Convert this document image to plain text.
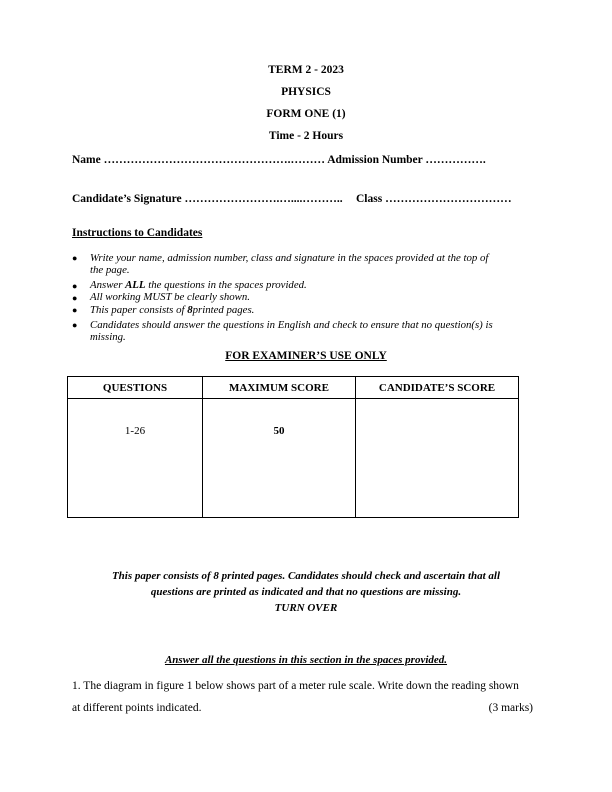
TERM 2 - 2023
PHYSICS
FORM ONE (1)
Time - 2 Hours
Name ………………………………………….……… Admission Number …………….
Candidate’s Signature …………………….…....……….. Class ……………………………
Instructions to Candidates
● Write your name, admission number, class and signature in the spaces provided at the top of
the page.
● Answer ALL the questions in the spaces provided.
● All working MUST be clearly shown.
● This paper consists of 8printed pages.
● Candidates should answer the questions in English and check to ensure that no question(s) is
missing.
FOR EXAMINER’S USE ONLY
QUESTIONS	MAXIMUM SCORE	CANDIDATE’S SCORE
1-26	50	
This paper consists of 8 printed pages. Candidates should check and ascertain that all
questions are printed as indicated and that no questions are missing.
TURN OVER
Answer all the questions in this section in the spaces provided.
1. The diagram in figure 1 below shows part of a meter rule scale. Write down the reading shown
at different points indicated.	(3 marks)
